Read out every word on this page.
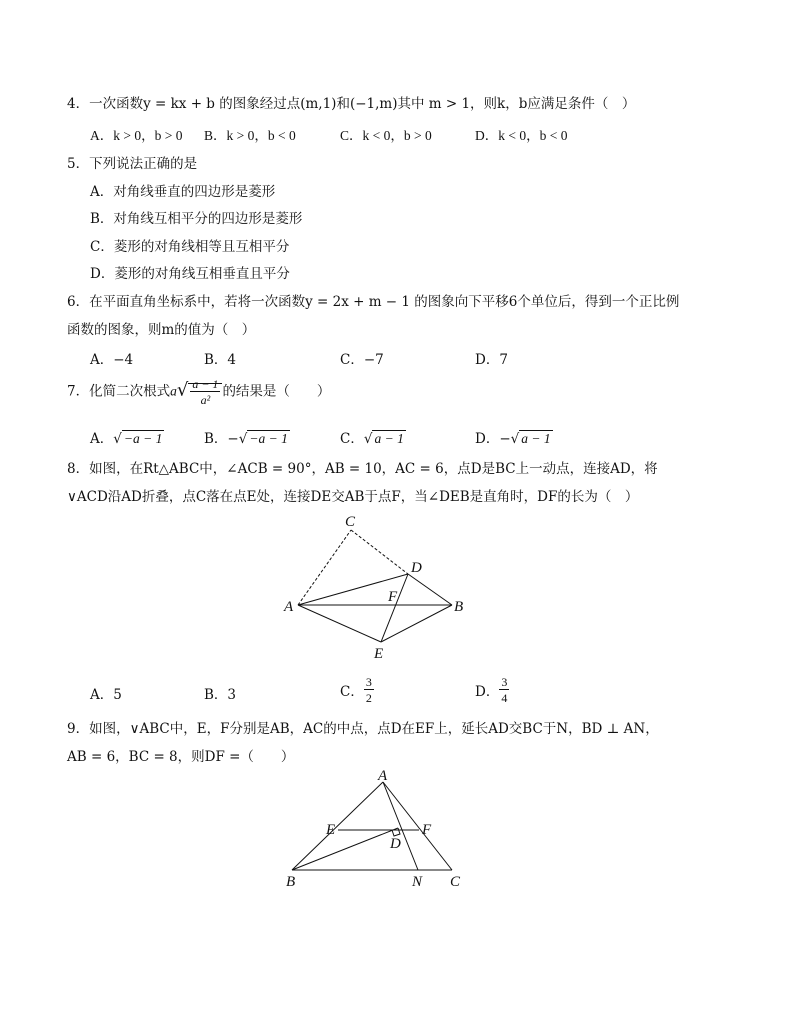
4．一次函数y = kx + b 的图象经过点(m,1)和(−1,m)其中 m > 1，则k，b应满足条件（　）
A．k > 0，b > 0 B．k > 0，b < 0	C．k < 0，b > 0	D．k < 0，b < 0
5．下列说法正确的是
A．对角线垂直的四边形是菱形
B．对角线互相平分的四边形是菱形
C．菱形的对角线相等且互相平分
D．菱形的对角线互相垂直且平分
6．在平面直角坐标系中，若将一次函数y = 2x + m − 1 的图象向下平移6个单位后，得到一个正比例
函数的图象，则m的值为（　）
A．−4	B．4	C．−7	D．7
7．化简二次根式$a√ \frac{a - 1}{\text{a²}}$ 的结果是（　　）
A．√ −a − 1	B．−√ −a − 1	C．√ a − 1	D．−√ a − 1
8．如图，在Rt△ABC中，∠ACB = 90°，AB = 10，AC = 6，点D是BC上一动点，连接AD，将
∨ACD沿AD折叠，点C落在点E处，连接DE交AB于点F，当∠DEB是直角时，DF的长为（　）
C
D
A
F
B
E
A．5	B．3	C． $\frac{3}{2}$	D． $\frac{3}{4}$
9．如图，∨ABC中，E，F分别是AB，AC的中点，点D在EF上，延长AD交BC于N，BD ⊥ AN，
AB = 6，BC = 8，则DF =（　　）
A
E	F
D
B	N C
